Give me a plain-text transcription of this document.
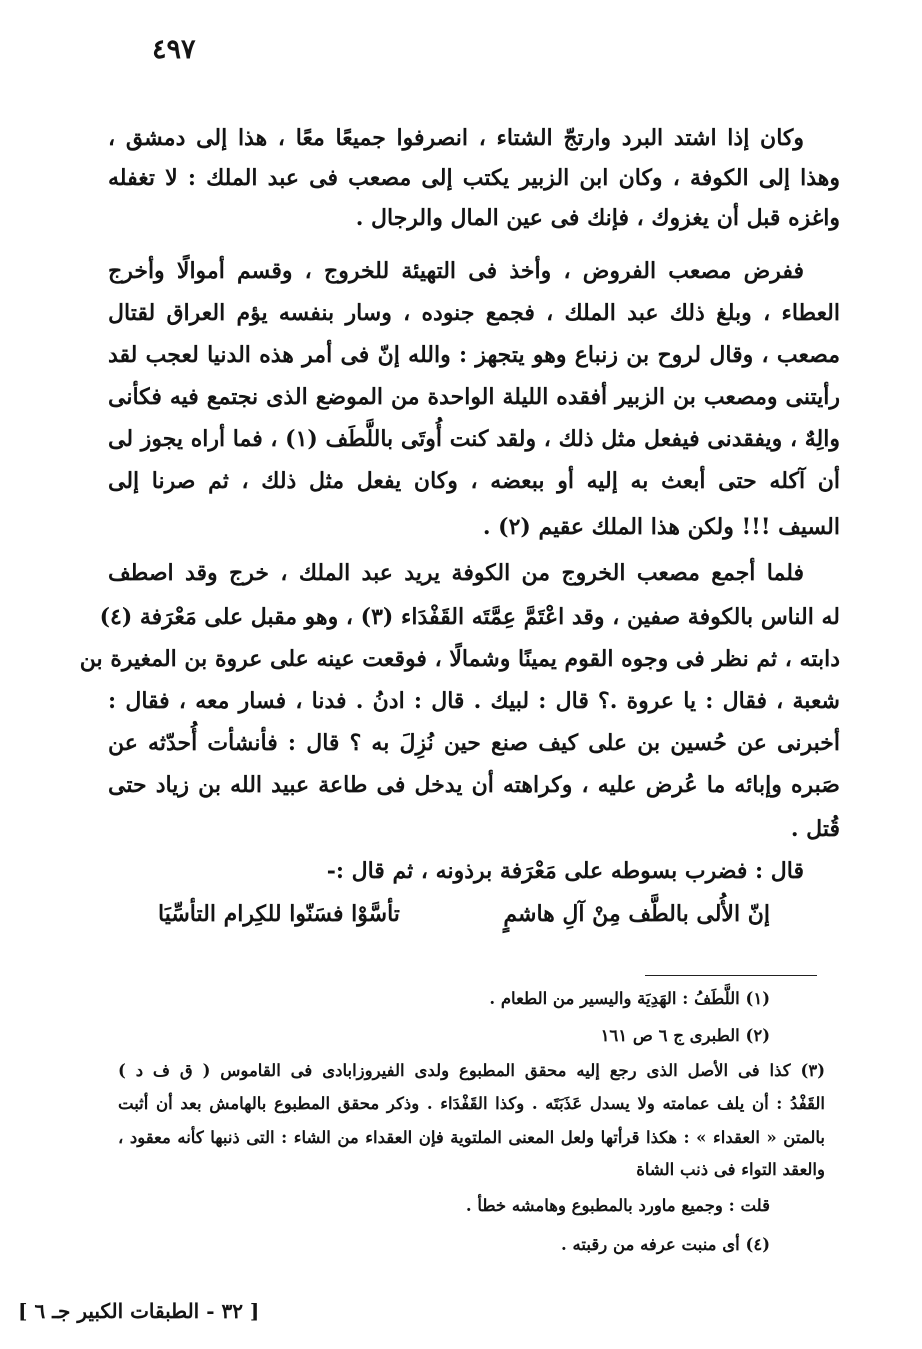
٤٩٧
وكان إذا اشتد البرد وارتجّ الشتاء ، انصرفوا جميعًا معًا ، هذا إلى دمشق ،
وهذا إلى الكوفة ، وكان ابن الزبير يكتب إلى مصعب فى عبد الملك : لا تغفله
واغزه قبل أن يغزوك ، فإنك فى عين المال والرجال .
ففرض مصعب الفروض ، وأخذ فى التهيئة للخروج ، وقسم أموالًا وأخرج
العطاء ، وبلغ ذلك عبد الملك ، فجمع جنوده ، وسار بنفسه يؤم العراق لقتال
مصعب ، وقال لروح بن زنباع وهو يتجهز : والله إنّ فى أمر هذه الدنيا لعجب لقد
رأيتنى ومصعب بن الزبير أفقده الليلة الواحدة من الموضع الذى نجتمع فيه فكأنى
والِهٌ ، ويفقدنى فيفعل مثل ذلك ، ولقد كنت أُوتَى باللَّطَف (١) ، فما أراه يجوز لى
أن آكله حتى أبعث به إليه أو ببعضه ، وكان يفعل مثل ذلك ، ثم صرنا إلى
السيف !!! ولكن هذا الملك عقيم (٢) .
فلما أجمع مصعب الخروج من الكوفة يريد عبد الملك ، خرج وقد اصطف
له الناس بالكوفة صفين ، وقد اعْتَمَّ عِمَّتَه القَفْدَاء (٣) ، وهو مقبل على مَعْرَفة (٤)
دابته ، ثم نظر فى وجوه القوم يمينًا وشمالًا ، فوقعت عينه على عروة بن المغيرة بن
شعبة ، فقال : يا عروة .؟ قال : لبيك . قال : ادنُ . فدنا ، فسار معه ، فقال :
أخبرنى عن حُسين بن على كيف صنع حين نُزِلَ به ؟ قال : فأنشأت أُحدّثه عن
صَبره وإبائه ما عُرض عليه ، وكراهته أن يدخل فى طاعة عبيد الله بن زياد حتى
قُتل .
قال : فضرب بسوطه على مَعْرَفة برذونه ، ثم قال :-
إنّ الأُلى بالطَّف مِنْ آلِ هاشمٍ
تأسَّوْا فسَنّوا للكِرام التأسِّيَا
(١) اللَّطَفُ : الهَدِيَة واليسير من الطعام .
(٢) الطبرى ج ٦ ص ١٦١
(٣) كذا فى الأصل الذى رجع إليه محقق المطبوع ولدى الفيروزابادى فى القاموس ( ق ف د )
القَفْدُ : أن يلف عمامته ولا يسدل عَذَبَتَه . وكذا القَفْدَاء . وذكر محقق المطبوع بالهامش بعد أن أثبت
بالمتن « العقداء » : هكذا قرأتها ولعل المعنى الملتوية فإن العقداء من الشاء : التى ذنبها كأنه معقود ،
والعقد التواء فى ذنب الشاة
قلت : وجميع ماورد بالمطبوع وهامشه خطأ .
(٤) أى منبت عرفه من رقبته .
[ ٣٢ - الطبقات الكبير جـ ٦ ]
